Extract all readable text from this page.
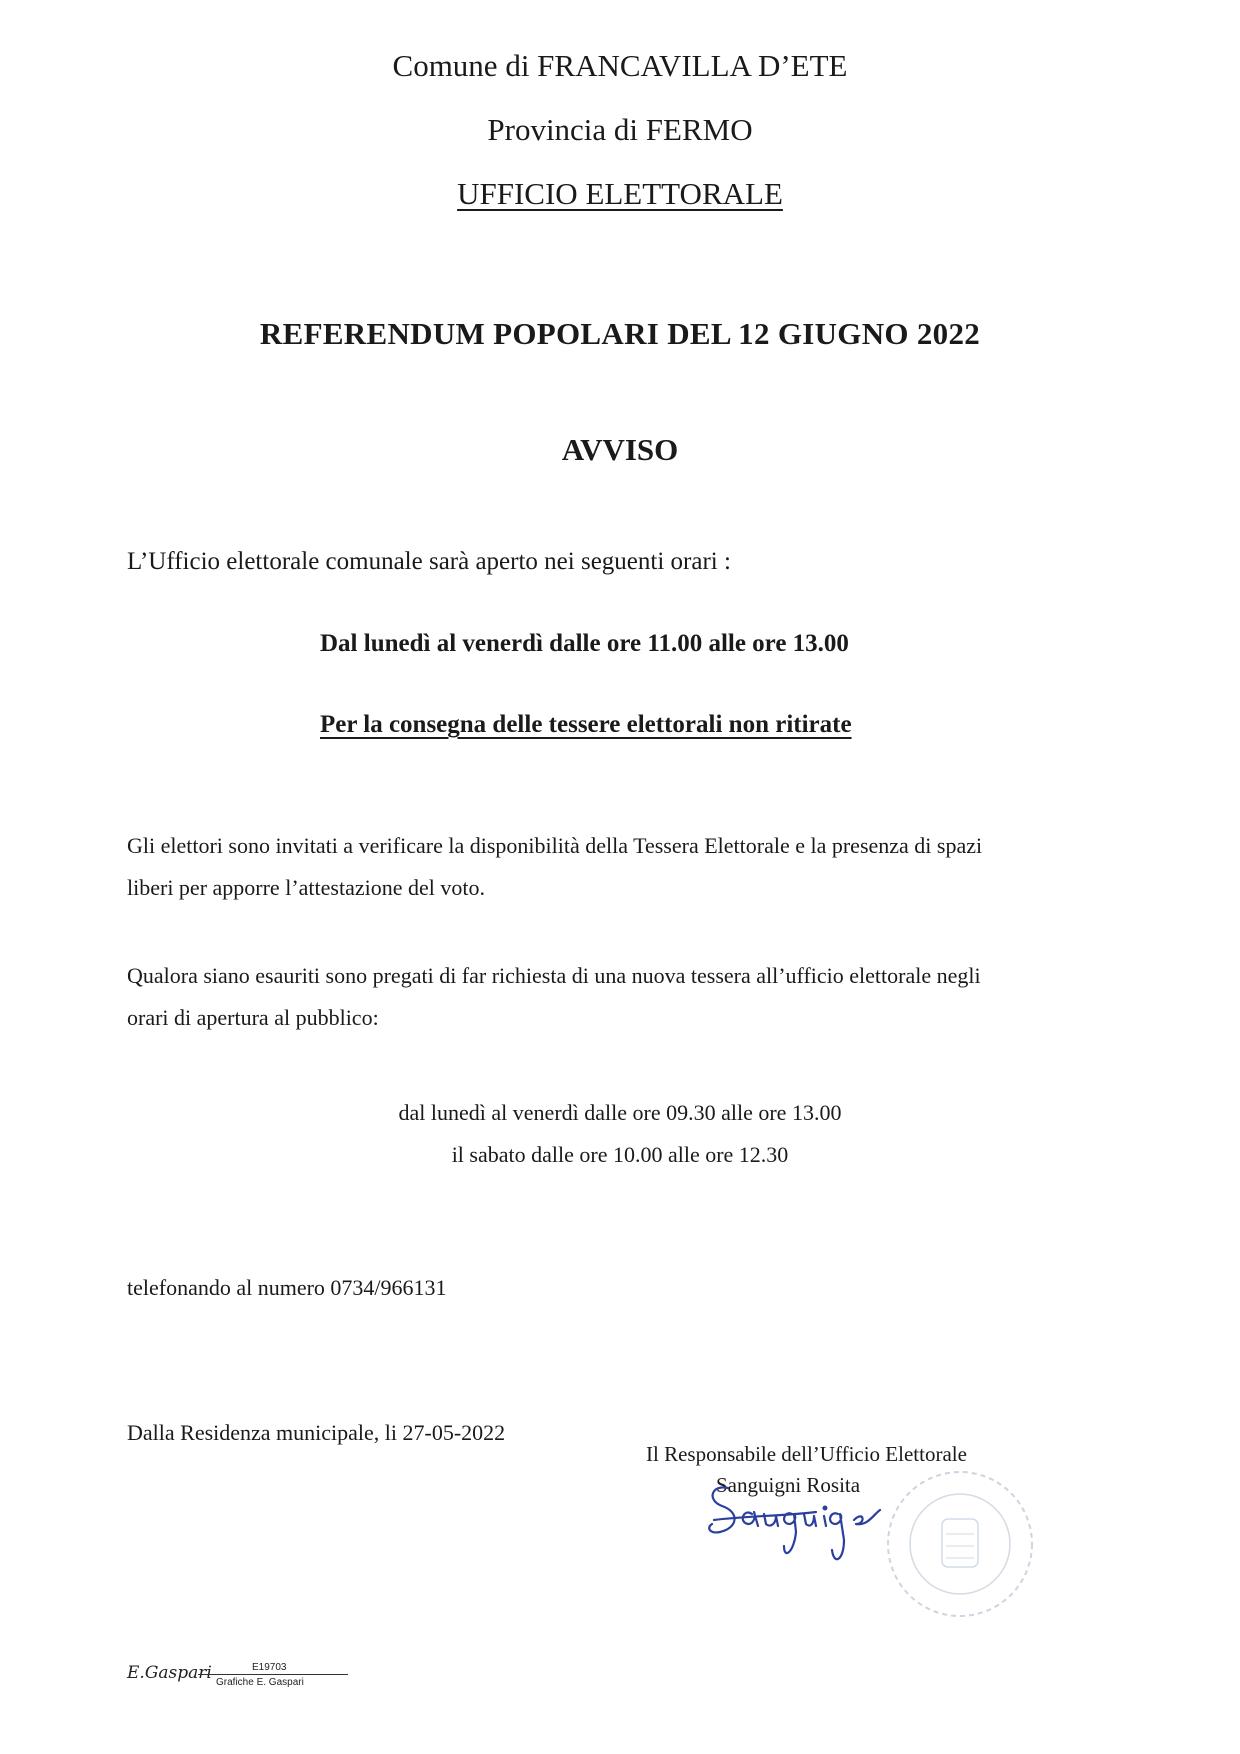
Comune di FRANCAVILLA D’ETE
Provincia di FERMO
UFFICIO ELETTORALE
REFERENDUM POPOLARI DEL 12 GIUGNO 2022
AVVISO
L’Ufficio elettorale comunale sarà aperto nei seguenti orari :
Dal lunedì al venerdì dalle ore 11.00 alle ore 13.00
Per la consegna delle tessere elettorali non ritirate
Gli elettori sono invitati a verificare la disponibilità della Tessera Elettorale e la presenza di spazi
liberi per apporre l’attestazione del voto.
Qualora siano esauriti sono pregati di far richiesta di una nuova tessera all’ufficio elettorale negli
orari di apertura al pubblico:
dal lunedì al venerdì dalle ore 09.30 alle ore 13.00
il sabato dalle ore 10.00 alle ore 12.30
telefonando al numero 0734/966131
Dalla Residenza municipale, li 27-05-2022
Il Responsabile dell’Ufficio Elettorale
Sanguigni Rosita
E.Gaspari	E19703
Grafiche E. Gaspari
